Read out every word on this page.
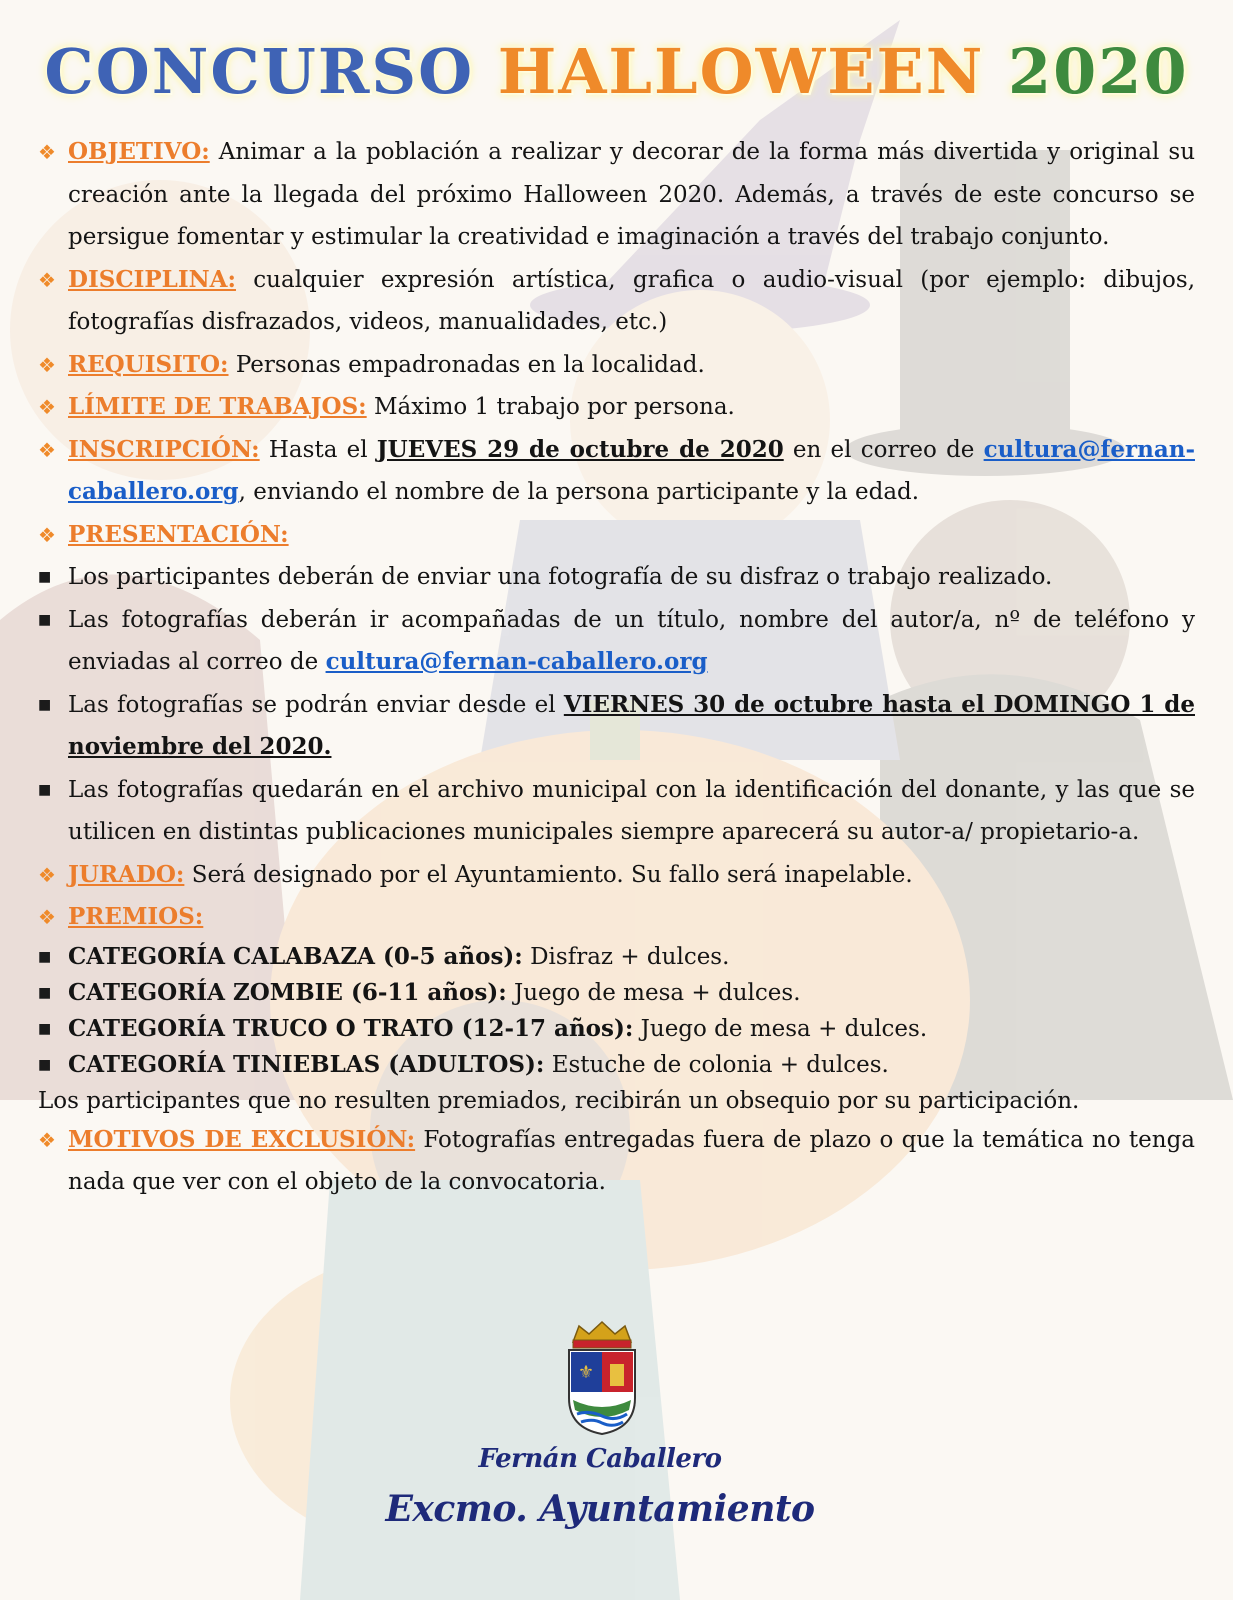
CONCURSO HALLOWEEN 2020

❖ OBJETIVO: Animar a la población a realizar y decorar de la forma más divertida y original su creación ante la llegada del próximo Halloween 2020. Además, a través de este concurso se persigue fomentar y estimular la creatividad e imaginación a través del trabajo conjunto.

❖ DISCIPLINA: cualquier expresión artística, grafica o audio-visual (por ejemplo: dibujos, fotografías disfrazados, videos, manualidades, etc.)

❖ REQUISITO: Personas empadronadas en la localidad.

❖ LÍMITE DE TRABAJOS: Máximo 1 trabajo por persona.

❖ INSCRIPCIÓN: Hasta el JUEVES 29 de octubre de 2020 en el correo de cultura@fernan-caballero.org, enviando el nombre de la persona participante y la edad.

❖ PRESENTACIÓN:

■ Los participantes deberán de enviar una fotografía de su disfraz o trabajo realizado.

■ Las fotografías deberán ir acompañadas de un título, nombre del autor/a, nº de teléfono y enviadas al correo de cultura@fernan-caballero.org

■ Las fotografías se podrán enviar desde el VIERNES 30 de octubre hasta el DOMINGO 1 de noviembre del 2020.

■ Las fotografías quedarán en el archivo municipal con la identificación del donante, y las que se utilicen en distintas publicaciones municipales siempre aparecerá su autor-a/ propietario-a.

❖ JURADO: Será designado por el Ayuntamiento. Su fallo será inapelable.

❖ PREMIOS:

■ CATEGORÍA CALABAZA (0-5 años): Disfraz + dulces.

■ CATEGORÍA ZOMBIE (6-11 años): Juego de mesa + dulces.

■ CATEGORÍA TRUCO O TRATO (12-17 años): Juego de mesa + dulces.

■ CATEGORÍA TINIEBLAS (ADULTOS): Estuche de colonia + dulces.

Los participantes que no resulten premiados, recibirán un obsequio por su participación.

❖ MOTIVOS DE EXCLUSIÓN: Fotografías entregadas fuera de plazo o que la temática no tenga nada que ver con el objeto de la convocatoria.

⚜
Fernán Caballero
Excmo. Ayuntamiento
